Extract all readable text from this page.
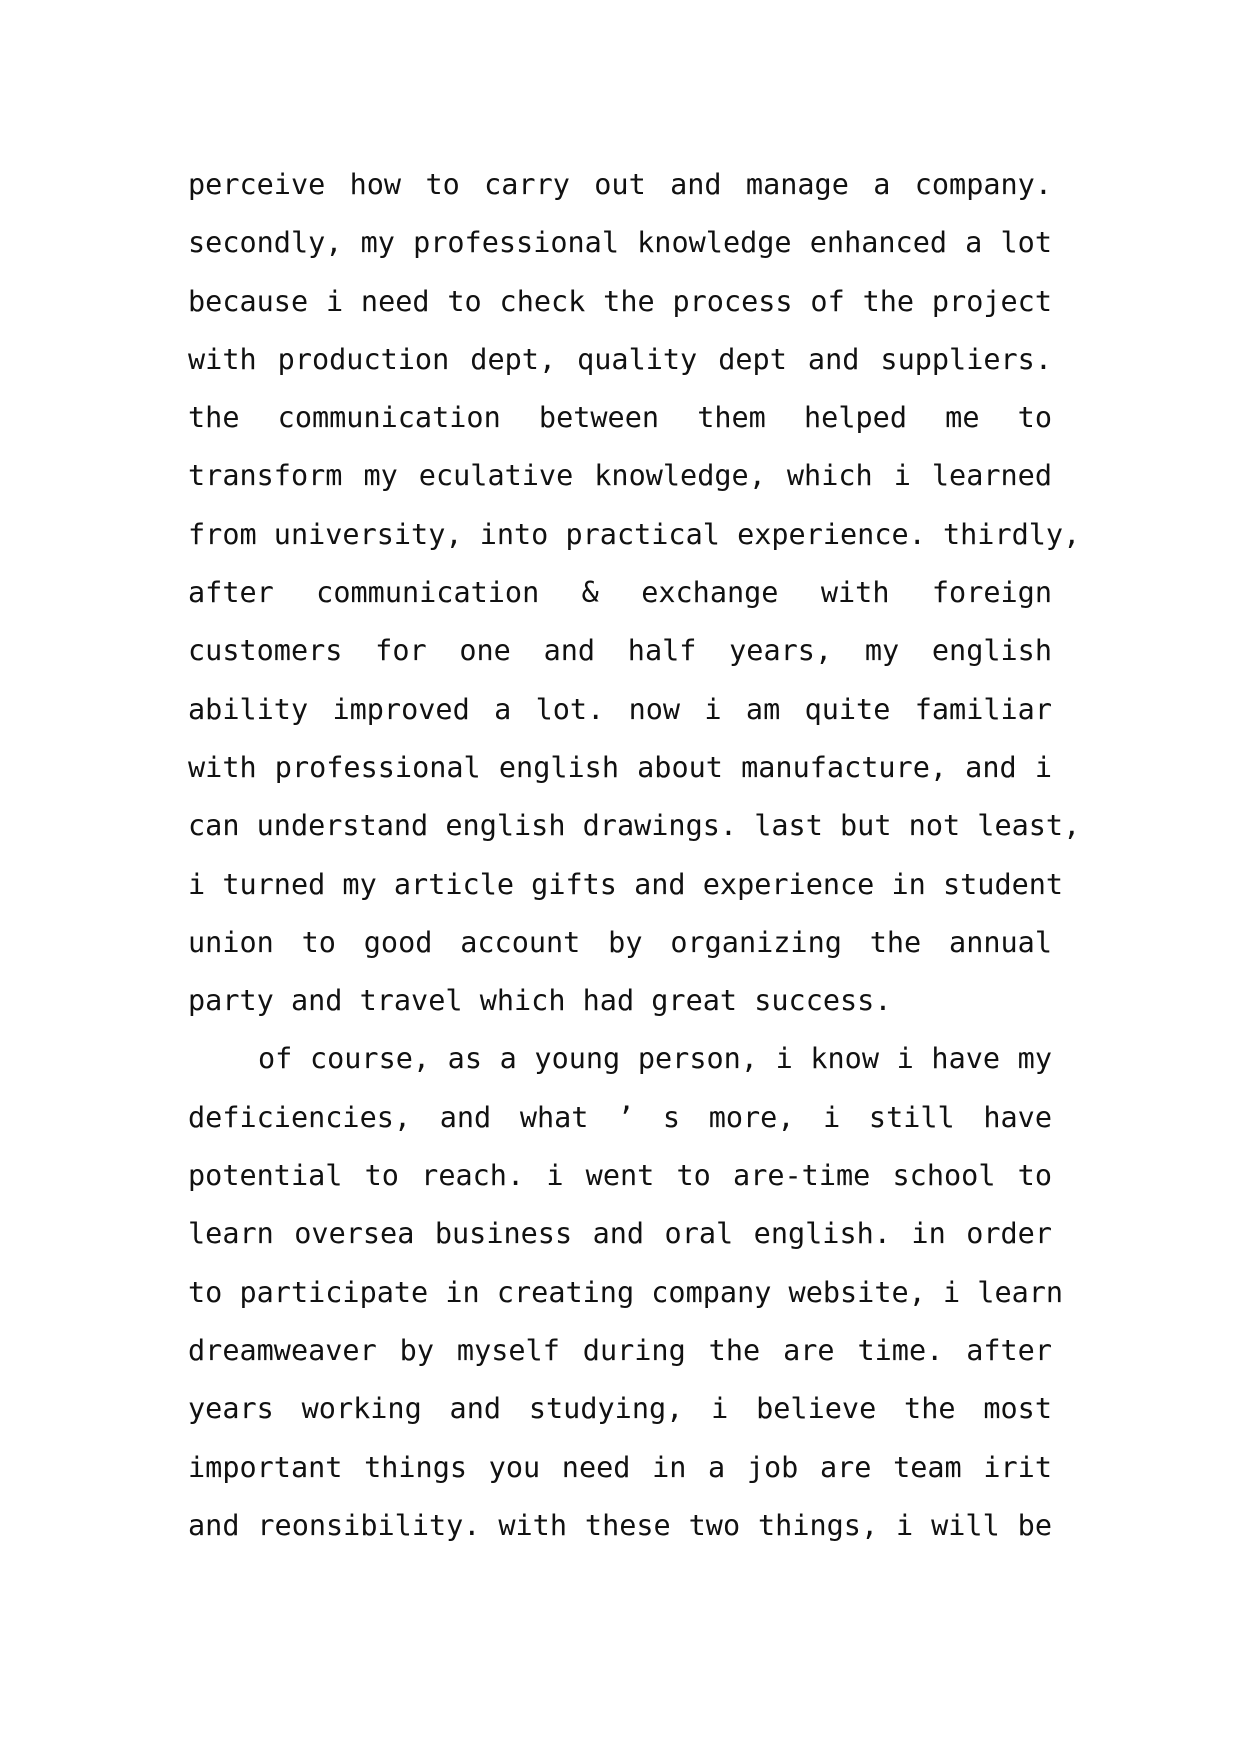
perceive how to carry out and manage a company.
secondly, my professional knowledge enhanced a lot
because i need to check the process of the project
with production dept, quality dept and suppliers.
the communication between them helped me to
transform my eculative knowledge, which i learned
from university, into practical experience. thirdly,
after communication & exchange with foreign
customers for one and half years, my english
ability improved a lot. now i am quite familiar
with professional english about manufacture, and i
can understand english drawings. last but not least,
i turned my article gifts and experience in student
union to good account by organizing the annual
party and travel which had great success.
of course, as a young person, i know i have my
deficiencies, and what ’ s more, i still have
potential to reach. i went to are-time school to
learn oversea business and oral english. in order
to participate in creating company website, i learn
dreamweaver by myself during the are time. after
years working and studying, i believe the most
important things you need in a job are team irit
and reonsibility. with these two things, i will be
